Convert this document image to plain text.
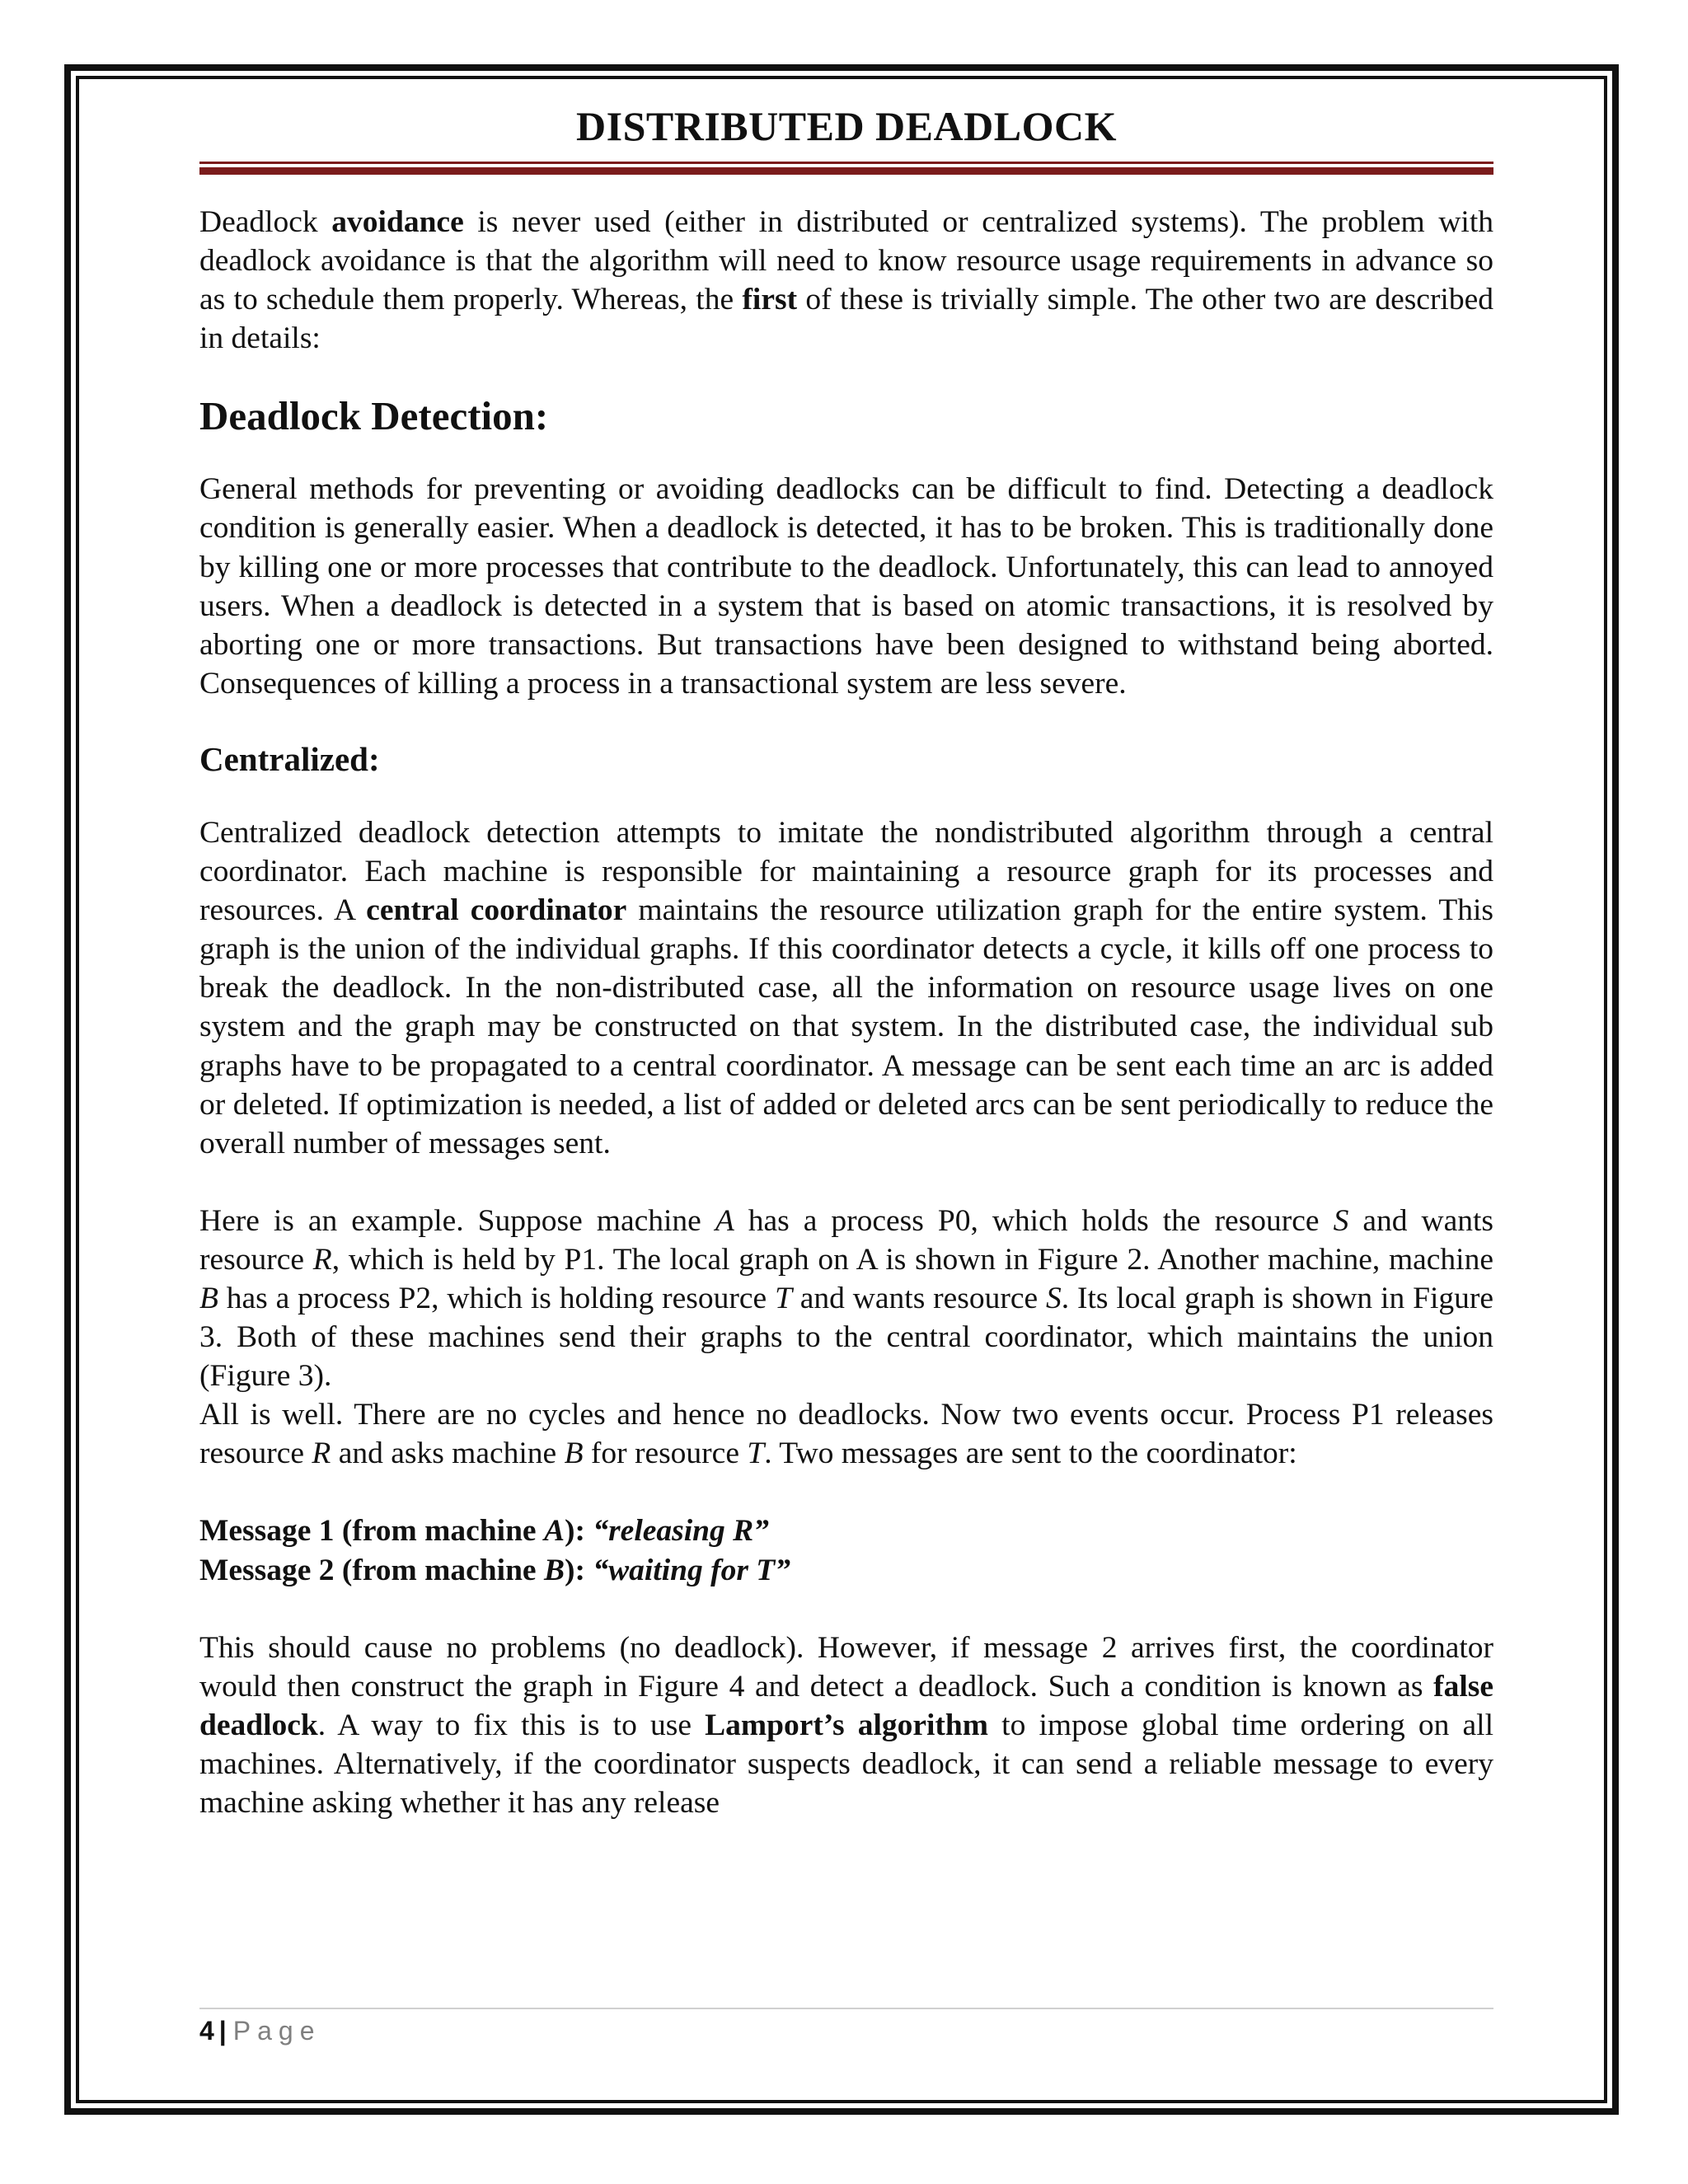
DISTRIBUTED DEADLOCK

Deadlock avoidance is never used (either in distributed or centralized systems). The problem with deadlock avoidance is that the algorithm will need to know resource usage requirements in advance so as to schedule them properly. Whereas, the first of these is trivially simple. The other two are described in details:

Deadlock Detection:

General methods for preventing or avoiding deadlocks can be difficult to find. Detecting a deadlock condition is generally easier. When a deadlock is detected, it has to be broken. This is traditionally done by killing one or more processes that contribute to the deadlock. Unfortunately, this can lead to annoyed users. When a deadlock is detected in a system that is based on atomic transactions, it is resolved by aborting one or more transactions. But transactions have been designed to withstand being aborted. Consequences of killing a process in a transactional system are less severe.

Centralized:

Centralized deadlock detection attempts to imitate the nondistributed algorithm through a central coordinator. Each machine is responsible for maintaining a resource graph for its processes and resources. A central coordinator maintains the resource utilization graph for the entire system. This graph is the union of the individual graphs. If this coordinator detects a cycle, it kills off one process to break the deadlock. In the non-distributed case, all the information on resource usage lives on one system and the graph may be constructed on that system. In the distributed case, the individual sub graphs have to be propagated to a central coordinator. A message can be sent each time an arc is added or deleted. If optimization is needed, a list of added or deleted arcs can be sent periodically to reduce the overall number of messages sent.

Here is an example. Suppose machine A has a process P0, which holds the resource S and wants resource R, which is held by P1. The local graph on A is shown in Figure 2. Another machine, machine B has a process P2, which is holding resource T and wants resource S. Its local graph is shown in Figure 3. Both of these machines send their graphs to the central coordinator, which maintains the union (Figure 3).

All is well. There are no cycles and hence no deadlocks. Now two events occur. Process P1 releases resource R and asks machine B for resource T. Two messages are sent to the coordinator:

Message 1 (from machine A): “releasing R”

Message 2 (from machine B): “waiting for T”

This should cause no problems (no deadlock). However, if message 2 arrives first, the coordinator would then construct the graph in Figure 4 and detect a deadlock. Such a condition is known as false deadlock. A way to fix this is to use Lamport’s algorithm to impose global time ordering on all machines. Alternatively, if the coordinator suspects deadlock, it can send a reliable message to every machine asking whether it has any release

4 | Page
